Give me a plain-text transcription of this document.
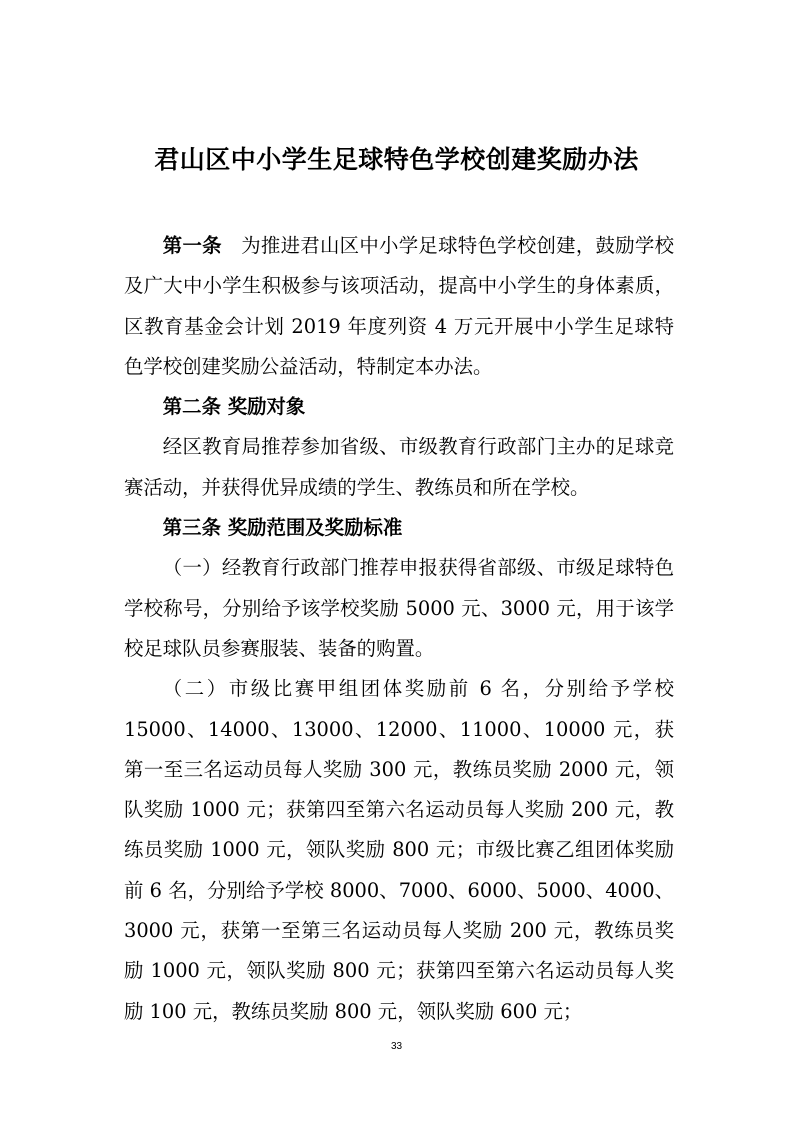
君山区中小学生足球特色学校创建奖励办法

第一条 为推进君山区中小学足球特色学校创建，鼓励学校及广大中小学生积极参与该项活动，提高中小学生的身体素质，区教育基金会计划 2019 年度列资 4 万元开展中小学生足球特色学校创建奖励公益活动，特制定本办法。

第二条 奖励对象

经区教育局推荐参加省级、市级教育行政部门主办的足球竞赛活动，并获得优异成绩的学生、教练员和所在学校。

第三条 奖励范围及奖励标准

（一）经教育行政部门推荐申报获得省部级、市级足球特色学校称号，分别给予该学校奖励 5000 元、3000 元，用于该学校足球队员参赛服装、装备的购置。

（二）市级比赛甲组团体奖励前 6 名，分别给予学校 15000、14000、13000、12000、11000、10000 元，获第一至三名运动员每人奖励 300 元，教练员奖励 2000 元，领队奖励 1000 元；获第四至第六名运动员每人奖励 200 元，教练员奖励 1000 元，领队奖励 800 元；市级比赛乙组团体奖励前 6 名，分别给予学校 8000、7000、6000、5000、4000、3000 元，获第一至第三名运动员每人奖励 200 元，教练员奖励 1000 元，领队奖励 800 元；获第四至第六名运动员每人奖励 100 元，教练员奖励 800 元，领队奖励 600 元；

33
